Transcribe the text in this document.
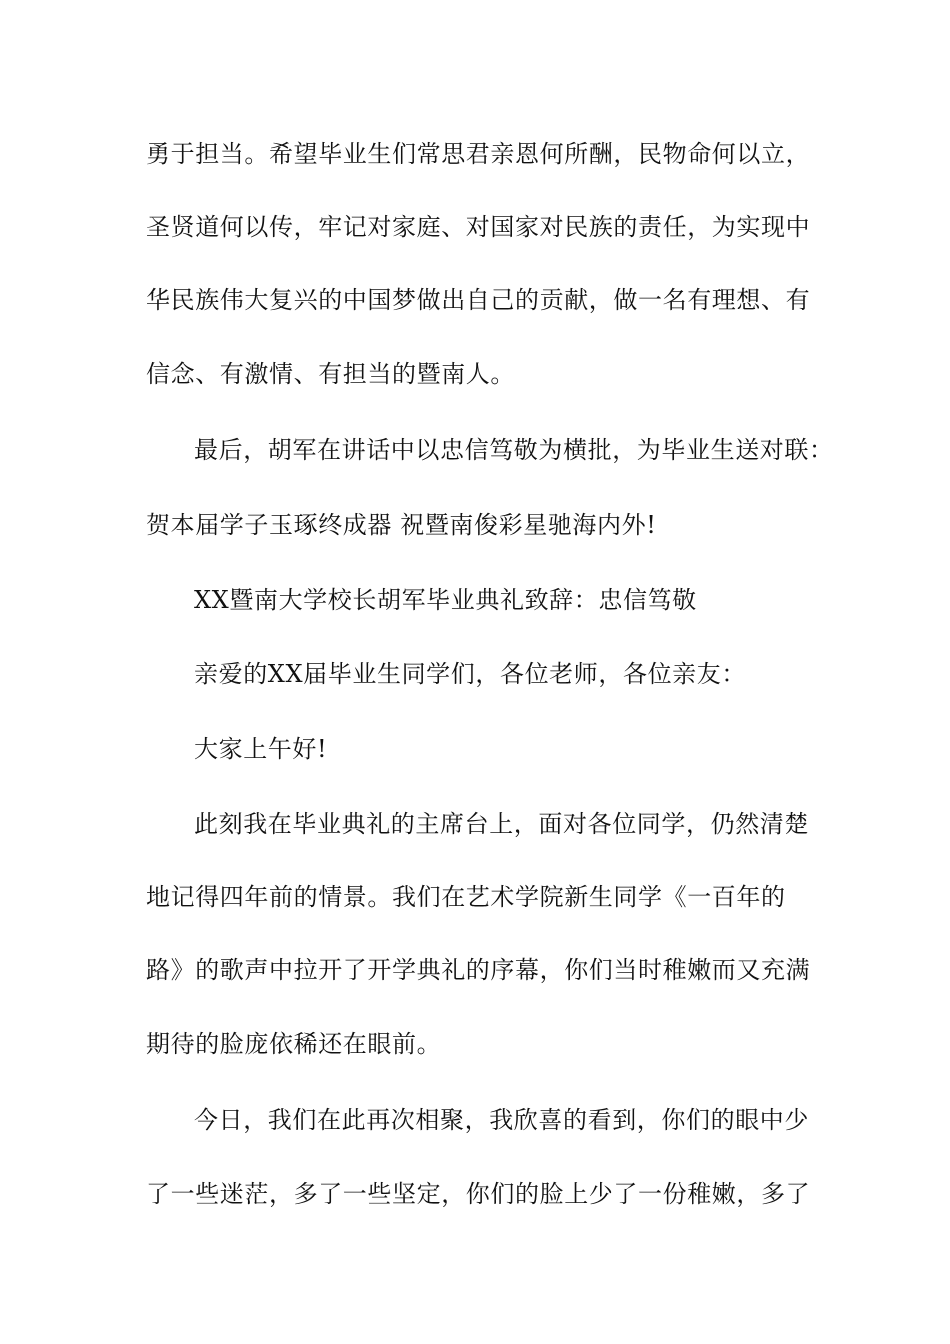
勇于担当。希望毕业生们常思君亲恩何所酬，民物命何以立，

圣贤道何以传，牢记对家庭、对国家对民族的责任，为实现中

华民族伟大复兴的中国梦做出自己的贡献，做一名有理想、有

信念、有激情、有担当的暨南人。

最后，胡军在讲话中以忠信笃敬为横批，为毕业生送对联：

贺本届学子玉琢终成器 祝暨南俊彩星驰海内外!

XX暨南大学校长胡军毕业典礼致辞：忠信笃敬

亲爱的XX届毕业生同学们，各位老师，各位亲友：

大家上午好!

此刻我在毕业典礼的主席台上，面对各位同学，仍然清楚

地记得四年前的情景。我们在艺术学院新生同学《一百年的

路》的歌声中拉开了开学典礼的序幕，你们当时稚嫩而又充满

期待的脸庞依稀还在眼前。

今日，我们在此再次相聚，我欣喜的看到，你们的眼中少

了一些迷茫，多了一些坚定，你们的脸上少了一份稚嫩，多了
